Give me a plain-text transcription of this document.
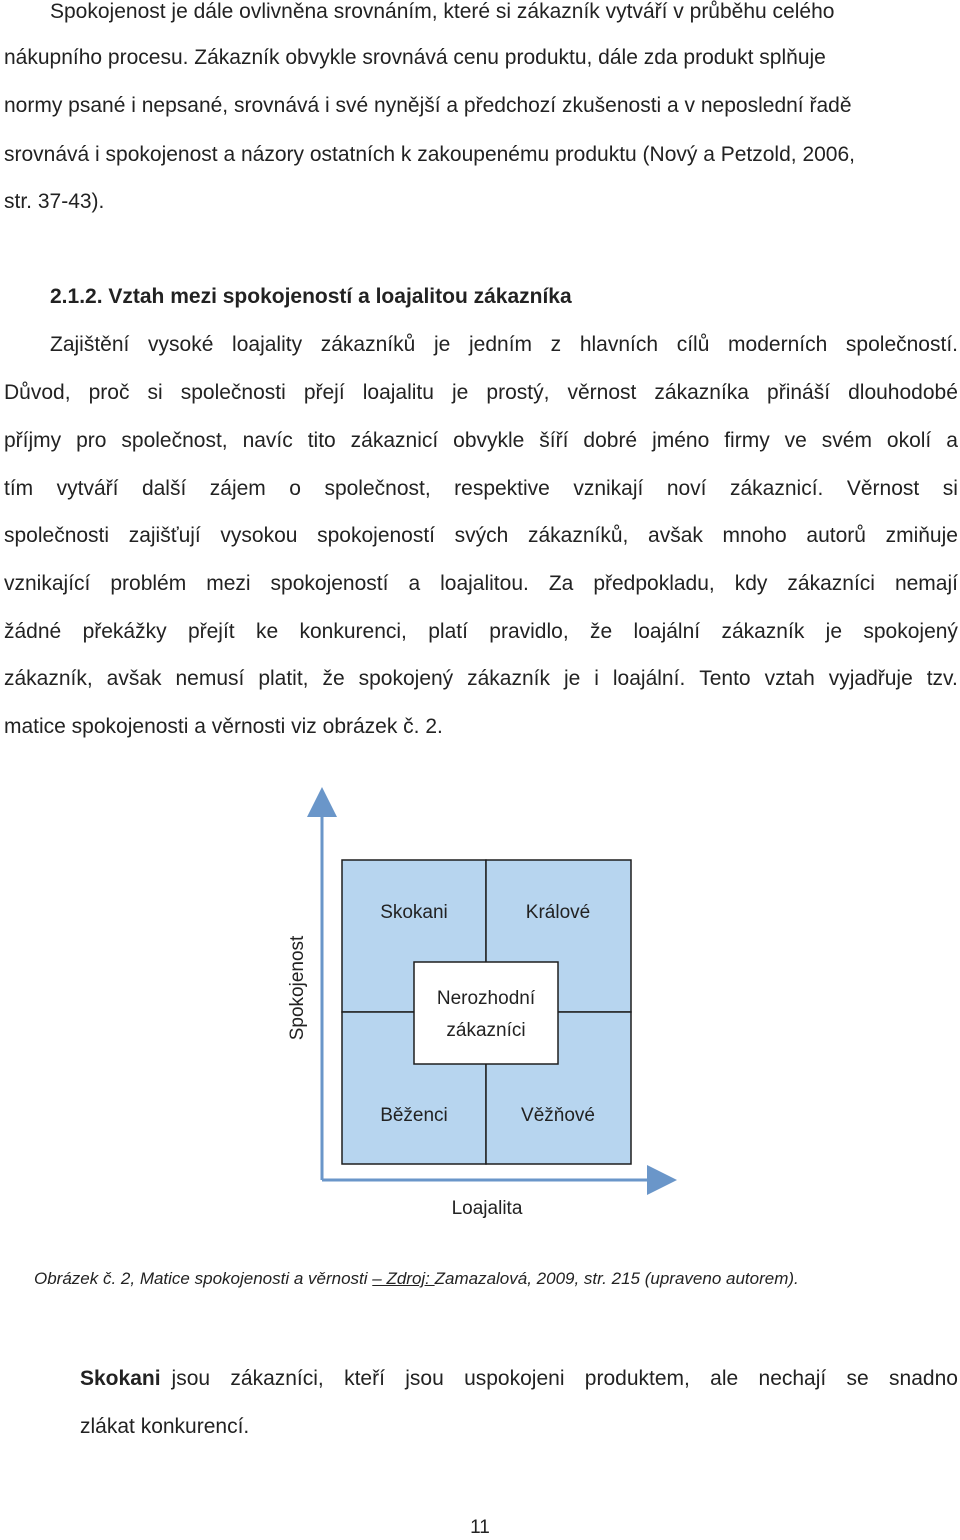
Spokojenost je dále ovlivněna srovnáním, které si zákazník vytváří v průběhu celého
nákupního procesu. Zákazník obvykle srovnává cenu produktu, dále zda produkt splňuje
normy psané i nepsané, srovnává i své nynější a předchozí zkušenosti a v neposlední řadě
srovnává i spokojenost a názory ostatních k zakoupenému produktu (Nový a Petzold, 2006,
str. 37-43).
2.1.2. Vztah mezi spokojeností a loajalitou zákazníka
Zajištění vysoké loajality zákazníků je jedním z hlavních cílů moderních společností.
Důvod, proč si společnosti přejí loajalitu je prostý, věrnost zákazníka přináší dlouhodobé
příjmy pro společnost, navíc tito zákaznicí obvykle šíří dobré jméno firmy ve svém okolí a
tím vytváří další zájem o společnost, respektive vznikají noví zákaznicí. Věrnost si
společnosti zajišťují vysokou spokojeností svých zákazníků, avšak mnoho autorů zmiňuje
vznikající problém mezi spokojeností a loajalitou. Za předpokladu, kdy zákazníci nemají
žádné překážky přejít ke konkurenci, platí pravidlo, že loajální zákazník je spokojený
zákazník, avšak nemusí platit, že spokojený zákazník je i loajální. Tento vztah vyjadřuje tzv.
matice spokojenosti a věrnosti viz obrázek č. 2.
Skokani	Králové
Běženci	Věžňové
Nerozhodní
zákazníci
Spokojenost
Loajalita
Obrázek č. 2, Matice spokojenosti a věrnosti – Zdroj: Zamazalová, 2009, str. 215 (upraveno autorem).
Skokani jsou zákazníci, kteří jsou uspokojeni produktem, ale nechají se snadno
zlákat konkurencí.
11
